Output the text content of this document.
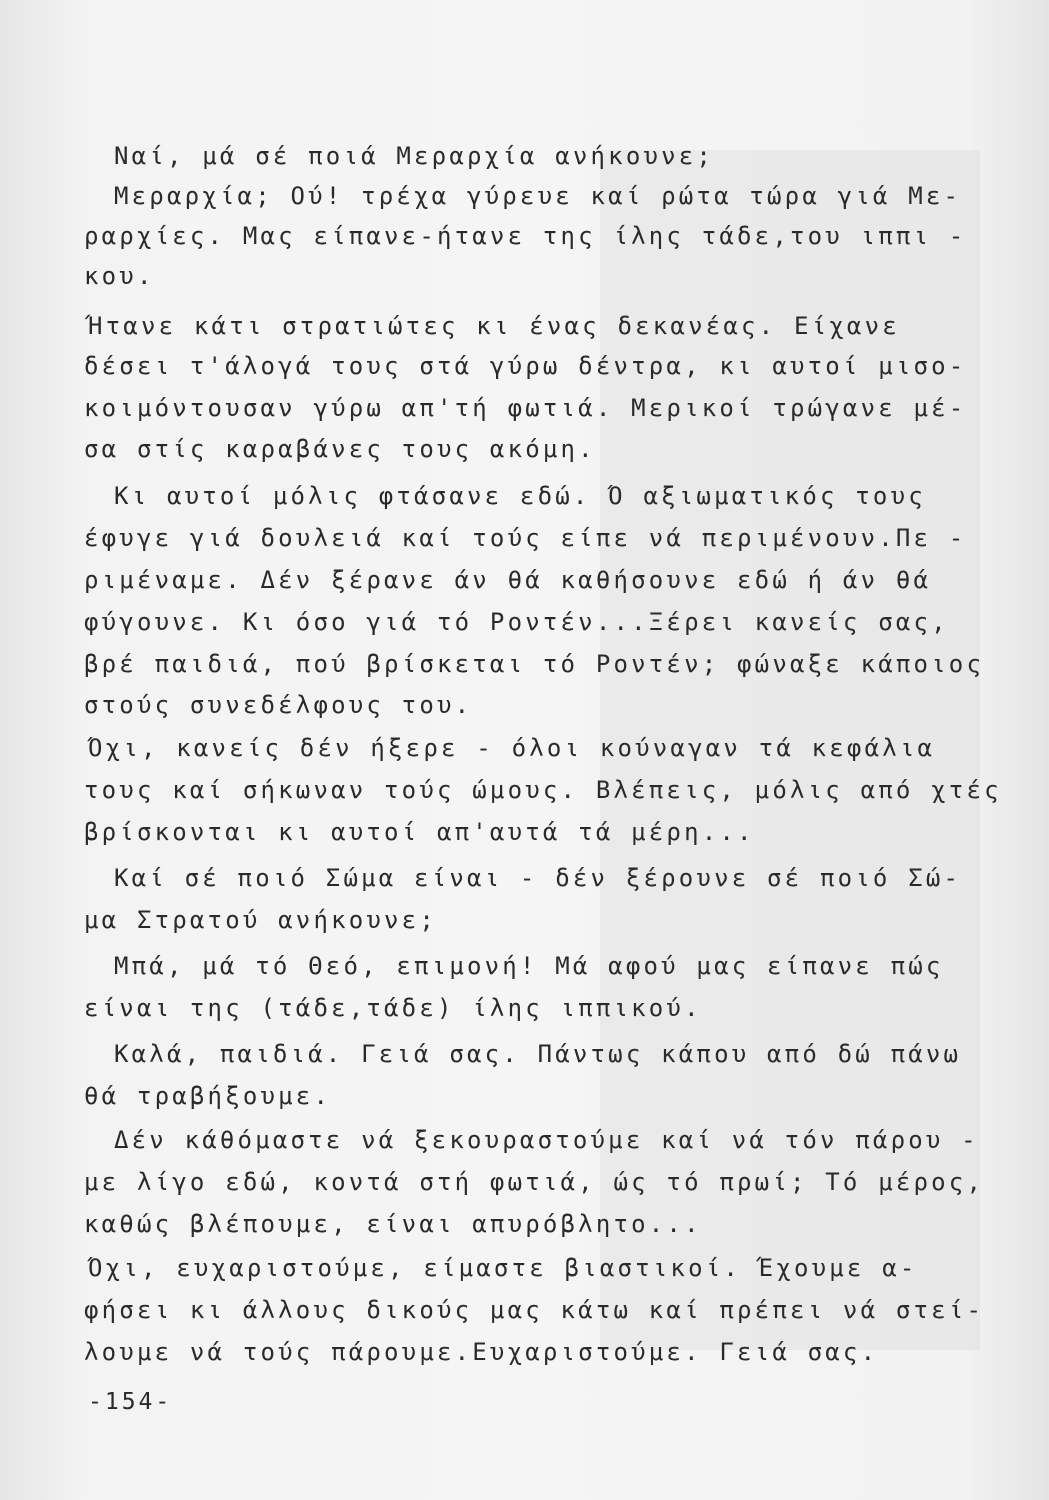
Ναί, μά σέ ποιά Μεραρχία ανήκουνε;
Μεραρχία; Ού! τρέχα γύρευε καί ρώτα τώρα γιά Με-
ραρχίες. Μας είπανε-ήτανε της ίλης τάδε,του ιππι -
κου.
Ήτανε κάτι στρατιώτες κι ένας δεκανέας. Είχανε
δέσει τ'άλογά τους στά γύρω δέντρα, κι αυτοί μισο-
κοιμόντουσαν γύρω απ'τή φωτιά. Μερικοί τρώγανε μέ-
σα στίς καραβάνες τους ακόμη.
Κι αυτοί μόλις φτάσανε εδώ. Ό αξιωματικός τους
έφυγε γιά δουλειά καί τούς είπε νά περιμένουν.Πε -
ριμέναμε. Δέν ξέρανε άν θά καθήσουνε εδώ ή άν θά
φύγουνε. Κι όσο γιά τό Ροντέν...Ξέρει κανείς σας,
βρέ παιδιά, πού βρίσκεται τό Ροντέν; φώναξε κάποιος
στούς συνεδέλφους του.
Όχι, κανείς δέν ήξερε - όλοι κούναγαν τά κεφάλια
τους καί σήκωναν τούς ώμους. Βλέπεις, μόλις από χτές
βρίσκονται κι αυτοί απ'αυτά τά μέρη...
Καί σέ ποιό Σώμα είναι - δέν ξέρουνε σέ ποιό Σώ-
μα Στρατού ανήκουνε;
Μπά, μά τό Θεό, επιμονή! Μά αφού μας είπανε πώς
είναι της (τάδε,τάδε) ίλης ιππικού.
Καλά, παιδιά. Γειά σας. Πάντως κάπου από δώ πάνω
θά τραβήξουμε.
Δέν κάθόμαστε νά ξεκουραστούμε καί νά τόν πάρου -
με λίγο εδώ, κοντά στή φωτιά, ώς τό πρωί; Τό μέρος,
καθώς βλέπουμε, είναι απυρόβλητο...
Όχι, ευχαριστούμε, είμαστε βιαστικοί. Έχουμε α-
φήσει κι άλλους δικούς μας κάτω καί πρέπει νά στεί-
λουμε νά τούς πάρουμε.Ευχαριστούμε. Γειά σας.
-154-
